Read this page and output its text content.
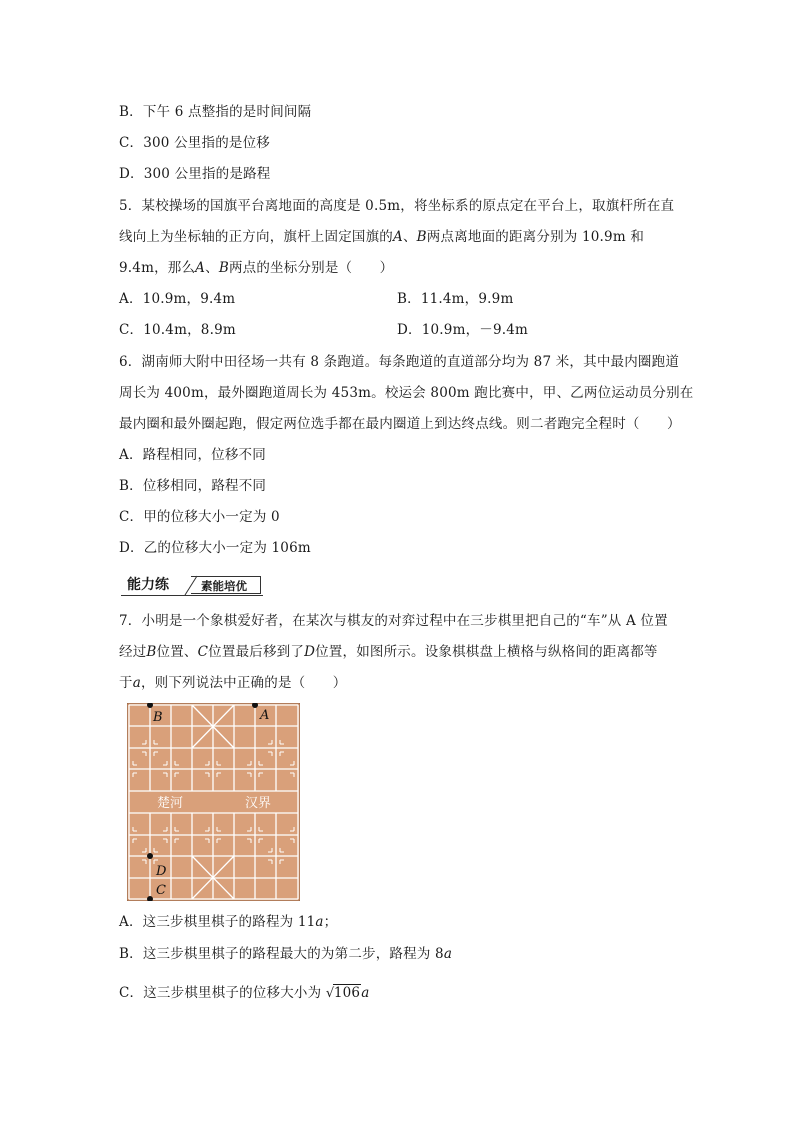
B．下午 6 点整指的是时间间隔
C．300 公里指的是位移
D．300 公里指的是路程
5．某校操场的国旗平台离地面的高度是 0.5m，将坐标系的原点定在平台上，取旗杆所在直
线向上为坐标轴的正方向，旗杆上固定国旗的A、B两点离地面的距离分别为 10.9m 和
9.4m，那么A、B两点的坐标分别是（　　）
A．10.9m，9.4m	B．11.4m，9.9m
C．10.4m，8.9m	D．10.9m，－9.4m
6．湖南师大附中田径场一共有 8 条跑道。每条跑道的直道部分均为 87 米，其中最内圈跑道
周长为 400m，最外圈跑道周长为 453m。校运会 800m 跑比赛中，甲、乙两位运动员分别在
最内圈和最外圈起跑，假定两位选手都在最内圈道上到达终点线。则二者跑完全程时（　　）
A．路程相同，位移不同
B．位移相同，路程不同
C．甲的位移大小一定为 0
D．乙的位移大小一定为 106m
能力练	素能培优
7．小明是一个象棋爱好者，在某次与棋友的对弈过程中在三步棋里把自己的“车”从 A 位置
经过B位置、C位置最后移到了D位置，如图所示。设象棋棋盘上横格与纵格间的距离都等
于a，则下列说法中正确的是（　　）
楚河	汉界
B	A
D
C
A．这三步棋里棋子的路程为 11a；
B．这三步棋里棋子的路程最大的为第二步，路程为 8a
C．这三步棋里棋子的位移大小为 √ 106a
